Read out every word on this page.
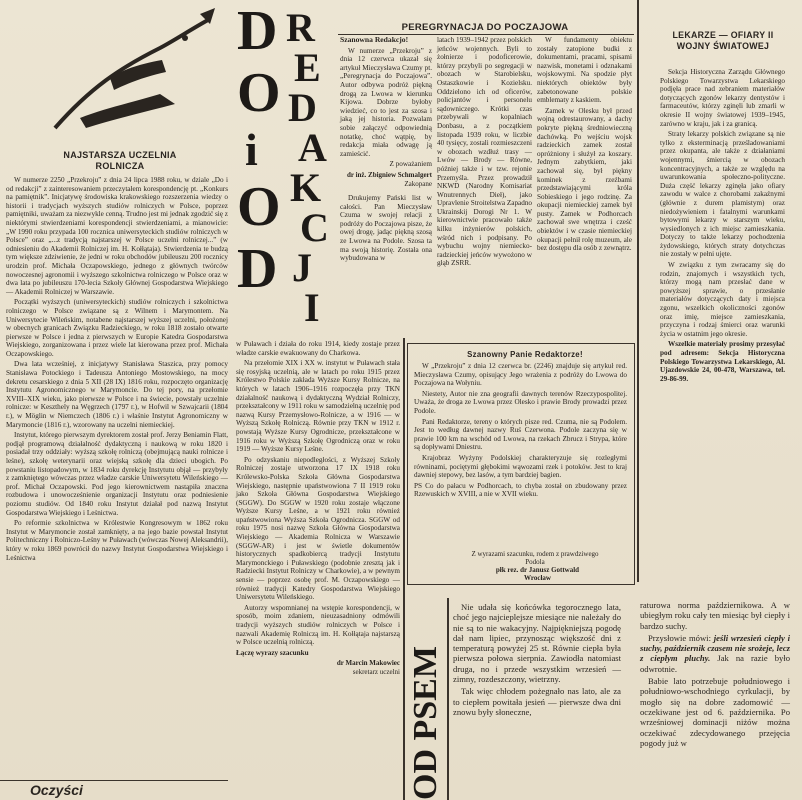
NAJSTARSZA UCZELNIA ROLNICZA

W numerze 2250 „Przekroju” z dnia 24 lipca 1988 roku, w dziale „Do i od redakcji” z zainteresowaniem przeczytałem korespondencję pt. „Konkurs na pamiętnik”. Inicjatywę środowiska krakowskiego rozszerzenia wiedzy o historii i tradycjach wyższych studiów rolniczych w Polsce, poprzez pamiętniki, uważam za niezwykle cenną. Trudno jest mi jednak zgodzić się z niektórymi stwierdzeniami korespondencji stwierdzeniami, a mianowicie: „W 1990 roku przypada 100 rocznica uniwersyteckich studiów rolniczych w Polsce” oraz „...z tradycją najstarszej w Polsce uczelni rolniczej...” (w odniesieniu do Akademii Rolniczej im. H. Kołłątaja). Stwierdzenia te budzą tym większe zdziwienie, że jedni w roku obchodów jubileuszu 200 rocznicy urodzin prof. Michała Oczapowskiego, jednego z głównych twórców nowoczesnej agronomii i wyższego szkolnictwa rolniczego w Polsce oraz w dwa lata po jubileuszu 170-lecia Szkoły Głównej Gospodarstwa Wiejskiego — Akademii Rolniczej w Warszawie.

Początki wyższych (uniwersyteckich) studiów rolniczych i szkolnictwa rolniczego w Polsce związane są z Wilnem i Marymontem. Na Uniwersytecie Wileńskim, notabene najstarszej wyższej uczelni, położonej w obecnych granicach Związku Radzieckiego, w roku 1818 zostało otwarte pierwsze w Polsce i jedna z pierwszych w Europie Katedra Gospodarstwa Wiejskiego, zorganizowana i przez wiele lat kierowana przez prof. Michała Oczapowskiego.

Dwa lata wcześniej, z inicjatywy Stanisława Staszica, przy pomocy Stanisława Potockiego i Tadeusza Antoniego Mostowskiego, na mocy dekretu cesarskiego z dnia 5 XII (28 IX) 1816 roku, rozpoczęto organizację Instytutu Agronomicznego w Marymoncie. Do tej pory, na przełomie XVIII–XIX wieku, jako pierwsze w Polsce i na świecie, powstały uczelnie rolnicze: w Keszthely na Węgrzech (1797 r.), w Hofwil w Szwajcarii (1804 r.), w Möglin w Niemczech (1806 r.) i właśnie Instytut Agronomiczny w Marymoncie (1816 r.), wzorowany na uczelni niemieckiej.

Instytut, którego pierwszym dyrektorem został prof. Jerzy Beniamin Flatt, podjął programową działalność dydaktyczną i naukową w roku 1820 i posiadał trzy oddziały: wyższą szkołę rolniczą (obejmującą nauki rolnicze i leśne), szkołę weterynarii oraz wiejską szkołę dla dzieci ubogich. Po powstaniu listopadowym, w 1834 roku dyrekcję Instytutu objął — przybyły z zamkniętego wówczas przez władze carskie Uniwersytetu Wileńskiego — prof. Michał Oczapowski. Pod jego kierownictwem nastąpiła znaczna rozbudowa i unowocześnienie organizacji Instytutu oraz podniesienie poziomu studiów. Od 1840 roku Instytut działał pod nazwą Instytut Gospodarstwa Wiejskiego i Leśnictwa.

Po reformie szkolnictwa w Królestwie Kongresowym w 1862 roku Instytut w Marymoncie został zamknięty, a na jego bazie powstał Instytut Politechniczny i Rolniczo-Leśny w Puławach (wówczas Nowej Aleksandrii), który w roku 1869 powrócił do nazwy Instytut Gospodarstwa Wiejskiego i Leśnictwa

D
O
i
O
D
R
E
D
A
K
C
J
I

w Puławach i działa do roku 1914, kiedy zostaje przez władze carskie ewakuowany do Charkowa.

Na przełomie XIX i XX w. instytut w Puławach stała się rosyjską uczelnią, ale w latach po roku 1915 przez Królestwo Polskie zakłada Wyższe Kursy Rolnicze, na których w latach 1906–1916 rozpoczęła przy TKN działalność naukową i dydaktyczną Wydział Rolniczy, przekształcony w 1911 roku w samodzielną uczelnię pod nazwą Kursy Przemysłowo-Rolnicze, a w 1916 — w Wyższą Szkołę Rolniczą. Równie przy TKN w 1912 r. powstają Wyższe Kursy Ogrodnicze, przekształcone w 1916 roku w Wyższą Szkołę Ogrodniczą oraz w roku 1919 — Wyższe Kursy Leśne.

Po odzyskaniu niepodległości, z Wyższej Szkoły Rolniczej zostaje utworzona 17 IX 1918 roku Królewsko-Polska Szkoła Główna Gospodarstwa Wiejskiego, następnie upaństwowiona 7 II 1919 roku jako Szkoła Główna Gospodarstwa Wiejskiego (SGGW). Do SGGW w 1920 roku zostaje włączone Wyższe Kursy Leśne, a w 1921 roku również upaństwowiona Wyższa Szkoła Ogrodnicza. SGGW od roku 1975 nosi nazwę Szkoła Główna Gospodarstwa Wiejskiego — Akademia Rolnicza w Warszawie (SGGW-AR) i jest w świetle dokumentów historycznych spadkobiercą tradycji Instytutu Marymonckiego i Puławskiego (podobnie zresztą jak i Radziecki Instytut Rolniczy w Charkowie), a w pewnym sensie — poprzez osobę prof. M. Oczapowskiego — również tradycji Katedry Gospodarstwa Wiejskiego Uniwersytetu Wileńskiego.

Autorzy wspomnianej na wstępie korespondencji, w sposób, moim zdaniem, nieuzasadniony odmówili tradycji wyższych studiów rolniczych w Polsce i nazwali Akademię Rolniczą im. H. Kołłątaja najstarszą w Polsce uczelnią rolniczą.

Łączę wyrazy szacunku

dr Marcin Makowiec
sekretarz uczelni
PEREGRYNACJA DO POCZAJOWA

Szanowna Redakcjo!

W numerze „Przekroju” z dnia 12 czerwca ukazał się artykuł Mieczysława Czumy pt. „Peregrynacja do Poczajowa”. Autor odbywa podróż piękną drogą za Lwowa w kierunku Kijowa. Dobrze byłoby wiedzieć, co to jest za szosa i jaką jej historia. Pozwalam sobie załączyć odpowiednią notatkę, choć wątpię, by redakcja miała odwagę ją zamieścić.

Z poważaniem

dr inż. Zbigniew Schmalgert
Zakopane

Drukujemy Pański list w całości. Pan Mieczysław Czuma w swojej relacji z podróży do Poczajowa pisze, że owej drogę, jadąc piękną szosą ze Lwowa na Podole. Szosa ta ma swoją historię. Została ona wybudowana w

latach 1939–1942 przez polskich jeńców wojennych. Byli to żołnierze i podoficerowie, którzy przybyli po segregacji w obozach w Starobielsku, Ostaszkowie i Kozielsku. Oddzielono ich od oficerów, policjantów i personelu sądowniczego. Krótki czas przebywali w kopalniach Donbasu, a z początkiem listopada 1939 roku, w liczbie 40 tysięcy, zostali rozmieszczeni w obozach wzdłuż trasy — Lwów — Brody — Równe, później także i w tzw. rejonie Przemyśla. Przez prowadził NKWD (Narodny Komisariat Wnutrennych Dieł), jako Upravlenie Stroitelstwa Zapadno Ukrainskij Dorogi Nr 1. W kierownictwie pracowało także kilku inżynierów polskich, wśród nich i podpisany. Po wybuchu wojny niemiecko-radzieckiej jeńców wywożono w głąb ZSRR.

W fundamenty obiektu zostały zatopione budki z dokumentami, pracami, spisami nazwisk, monetami i odznakami wojskowymi. Na spodzie płyt niektórych obiektów były zabetonowane polskie emblematy z kaskiem.

Zamek w Olesku był przed wojną odrestaurowany, a dachy pokryte piękną średniowieczną dachówką. Po wejściu wojsk radzieckich zamek został opróżniony i służył za koszary. Jednym zabytkiem, jaki zachował się, był piękny kominek z rzeźbami przedstawiającymi króla Sobieskiego i jego rodzinę. Za okupacji niemieckiej zamek był pusty. Zamek w Podhorcach zachował swe wnętrza i cześć obiektów i w czasie niemieckiej okupacji pełnił rolę muzeum, ale bez dostępu dla osób z zewnątrz.

LEKARZE — OFIARY II WOJNY ŚWIATOWEJ

Sekcja Historyczna Zarządu Głównego Polskiego Towarzystwa Lekarskiego podjęła prace nad zebraniem materiałów dotyczących zgonów lekarzy dentystów i farmaceutów, którzy zginęli lub zmarli w okresie II wojny światowej 1939–1945, zarówno w kraju, jak i za granicą.

Straty lekarzy polskich związane są nie tylko z eksterminacją prześladowaniami przez okupanta, ale także z działaniami wojennymi, śmiercią w obozach koncentracyjnych, a także ze względu na uwarunkowania społeczno-polityczne. Duża część lekarzy zginęła jako ofiary zawodu w walce z chorobami zakaźnymi (głównie z durem plamistym) oraz niedożywieniem i fatalnymi warunkami bytowymi lekarzy w starszym wieku, wysiedlonych z ich miejsc zamieszkania. Dotyczy to także lekarzy pochodzenia żydowskiego, których straty dotychczas nie zostały w pełni ujęte.

W związku z tym zwracamy się do rodzin, znajomych i wszystkich tych, którzy mogą nam przesłać dane w powyższej sprawie, o przesłanie materiałów dotyczących daty i miejsca zgonu, wszelkich okoliczności zgonów oraz imię, miejsce zamieszkania, przyczyna i rodzaj śmierci oraz warunki życia w ostatnim jego okresie.

Wszelkie materiały prosimy przesyłać pod adresem: Sekcja Historyczna Polskiego Towarzystwa Lekarskiego, Al. Ujazdowskie 24, 00-478, Warszawa, tel. 29-86-99.

Szanowny Panie Redaktorze!

W „Przekroju” z dnia 12 czerwca br. (2246) znajduje się artykuł red. Mieczysława Czumy, opisujący Jego wrażenia z podróży do Lwowa do Poczajowa na Wołyniu.

Niestety, Autor nie zna geografii dawnych terenów Rzeczypospolitej. Uważa, że droga ze Lwowa przez Olesko i prawie Brody prowadzi przez Podole.

Pani Redaktorze, tereny o których pisze red. Czuma, nie są Podolem. Jest to według dawnej nazwy Ruś Czerwona. Podole zaczyna się w prawie 100 km na wschód od Lwowa, na rzekach Zbrucz i Strypa, które są dopływami Dniestru.

Krajobraz Wyżyny Podolskiej charakteryzuje się rozległymi równinami, pociętymi głębokimi wąwozami rzek i potoków. Jest to kraj dawniej stepowy, bez lasów, a tym bardziej bagien.

PS Co do pałacu w Podhorcach, to chyba został on zbudowany przez Rzewuskich w XVIII, a nie w XVII wieku.

Z wyrazami szacunku, rodem z prawdziwego Podola
płk rez. dr Janusz Gottwald
Wrocław
OD PSEM

Nie udała się końcówka tegorocznego lata, choć jego najcieplejsze miesiące nie należały do nie są to nie wakacyjny. Najpiękniejszą pogodę dał nam lipiec, przynosząc większość dni z temperaturą powyżej 25 st. Równie ciepła była pierwsza połowa sierpnia. Zawiodła natomiast druga, no i przede wszystkim wrzesień — zimny, rozdeszczony, wietrzny.

Tak więc chłodem pożegnało nas lato, ale za to ciepłem powitała jesień — pierwsze dwa dni znowu były słoneczne,

raturowa norma październikowa. A w ubiegłym roku cały ten miesiąc był ciepły i bardzo suchy.

Przysłowie mówi: jeśli wrzesień ciepły i suchy, październik czasem nie srożeje, lecz z ciepłym pluchy. Jak na razie było odwrotnie.

Babie lato potrzebuje południowego i południowo-wschodniego cyrkulacji, by mogło się na dobre zadomowić — oczekiwane jest od 6. października. Po wrześniowej dominacji niżów można oczekiwać zdecydowanego przejęcia pogody już w

Oczyści
